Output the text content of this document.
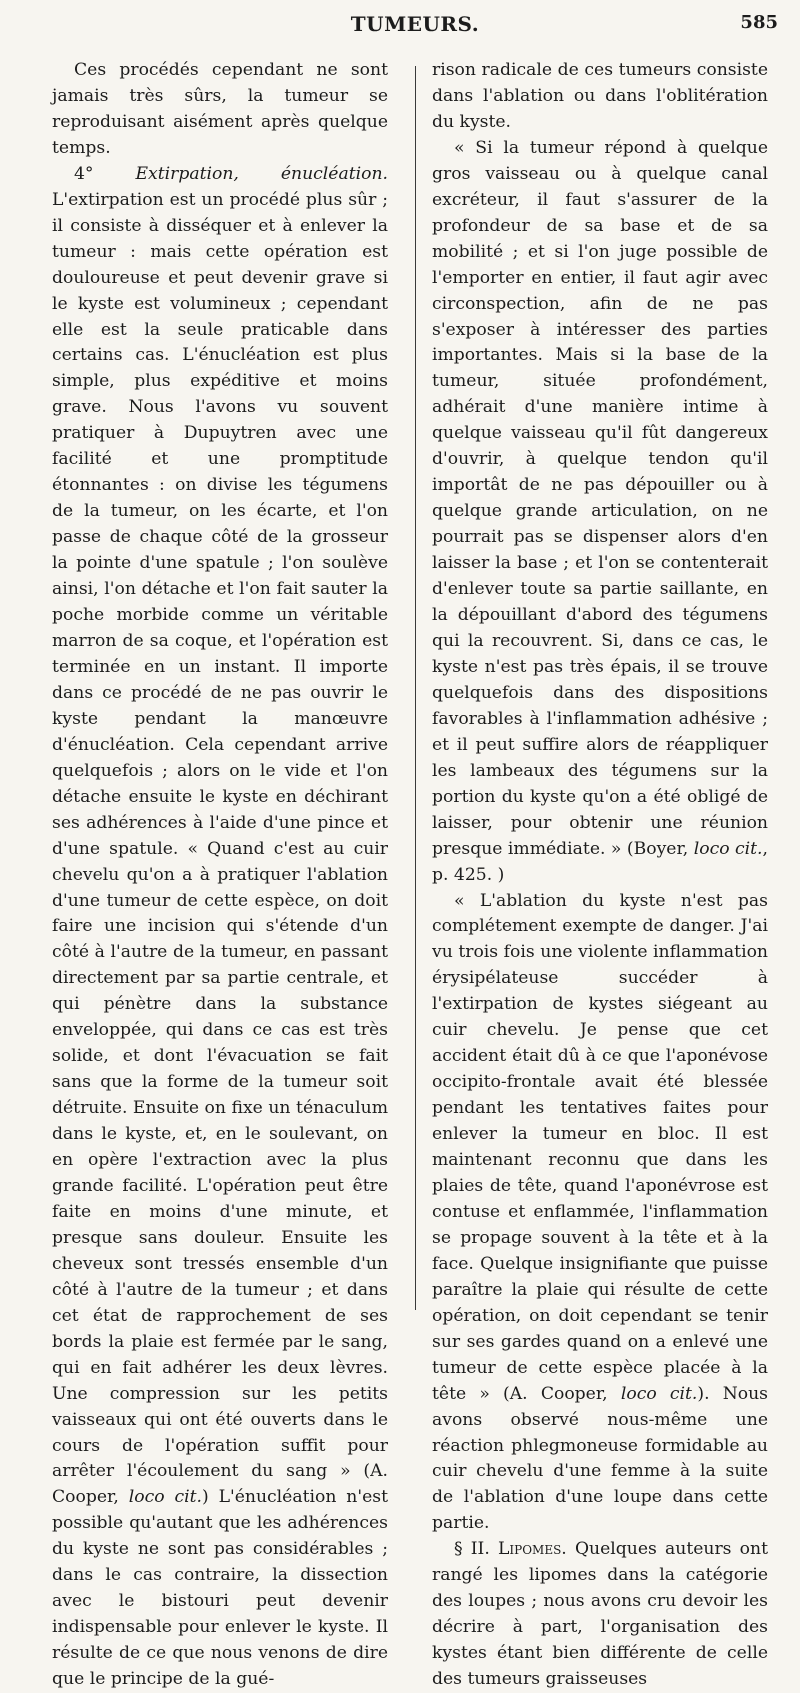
TUMEURS.	585

Ces procédés cependant ne sont jamais très sûrs, la tumeur se reproduisant aisément après quelque temps.

4° Extirpation, énucléation. L'extirpation est un procédé plus sûr ; il consiste à disséquer et à enlever la tumeur : mais cette opération est douloureuse et peut devenir grave si le kyste est volumineux ; cependant elle est la seule praticable dans certains cas. L'énucléation est plus simple, plus expéditive et moins grave. Nous l'avons vu souvent pratiquer à Dupuytren avec une facilité et une promptitude étonnantes : on divise les tégumens de la tumeur, on les écarte, et l'on passe de chaque côté de la grosseur la pointe d'une spatule ; l'on soulève ainsi, l'on détache et l'on fait sauter la poche morbide comme un véritable marron de sa coque, et l'opération est terminée en un instant. Il importe dans ce procédé de ne pas ouvrir le kyste pendant la manœuvre d'énucléation. Cela cependant arrive quelquefois ; alors on le vide et l'on détache ensuite le kyste en déchirant ses adhérences à l'aide d'une pince et d'une spatule. « Quand c'est au cuir chevelu qu'on a à pratiquer l'ablation d'une tumeur de cette espèce, on doit faire une incision qui s'étende d'un côté à l'autre de la tumeur, en passant directement par sa partie centrale, et qui pénètre dans la substance enveloppée, qui dans ce cas est très solide, et dont l'évacuation se fait sans que la forme de la tumeur soit détruite. Ensuite on fixe un ténaculum dans le kyste, et, en le soulevant, on en opère l'extraction avec la plus grande facilité. L'opération peut être faite en moins d'une minute, et presque sans douleur. Ensuite les cheveux sont tressés ensemble d'un côté à l'autre de la tumeur ; et dans cet état de rapprochement de ses bords la plaie est fermée par le sang, qui en fait adhérer les deux lèvres. Une compression sur les petits vaisseaux qui ont été ouverts dans le cours de l'opération suffit pour arrêter l'écoulement du sang » (A. Cooper, loco cit.) L'énucléation n'est possible qu'autant que les adhérences du kyste ne sont pas considérables ; dans le cas contraire, la dissection avec le bistouri peut devenir indispensable pour enlever le kyste. Il résulte de ce que nous venons de dire que le principe de la gué-

rison radicale de ces tumeurs consiste dans l'ablation ou dans l'oblitération du kyste.

« Si la tumeur répond à quelque gros vaisseau ou à quelque canal excréteur, il faut s'assurer de la profondeur de sa base et de sa mobilité ; et si l'on juge possible de l'emporter en entier, il faut agir avec circonspection, afin de ne pas s'exposer à intéresser des parties importantes. Mais si la base de la tumeur, située profondément, adhérait d'une manière intime à quelque vaisseau qu'il fût dangereux d'ouvrir, à quelque tendon qu'il importât de ne pas dépouiller ou à quelque grande articulation, on ne pourrait pas se dispenser alors d'en laisser la base ; et l'on se contenterait d'enlever toute sa partie saillante, en la dépouillant d'abord des tégumens qui la recouvrent. Si, dans ce cas, le kyste n'est pas très épais, il se trouve quelquefois dans des dispositions favorables à l'inflammation adhésive ; et il peut suffire alors de réappliquer les lambeaux des tégumens sur la portion du kyste qu'on a été obligé de laisser, pour obtenir une réunion presque immédiate. » (Boyer, loco cit., p. 425. )

« L'ablation du kyste n'est pas complétement exempte de danger. J'ai vu trois fois une violente inflammation érysipélateuse succéder à l'extirpation de kystes siégeant au cuir chevelu. Je pense que cet accident était dû à ce que l'aponévose occipito-frontale avait été blessée pendant les tentatives faites pour enlever la tumeur en bloc. Il est maintenant reconnu que dans les plaies de tête, quand l'aponévrose est contuse et enflammée, l'inflammation se propage souvent à la tête et à la face. Quelque insignifiante que puisse paraître la plaie qui résulte de cette opération, on doit cependant se tenir sur ses gardes quand on a enlevé une tumeur de cette espèce placée à la tête » (A. Cooper, loco cit.). Nous avons observé nous-même une réaction phlegmoneuse formidable au cuir chevelu d'une femme à la suite de l'ablation d'une loupe dans cette partie.

§ II. Lipomes. Quelques auteurs ont rangé les lipomes dans la catégorie des loupes ; nous avons cru devoir les décrire à part, l'organisation des kystes étant bien différente de celle des tumeurs graisseuses
